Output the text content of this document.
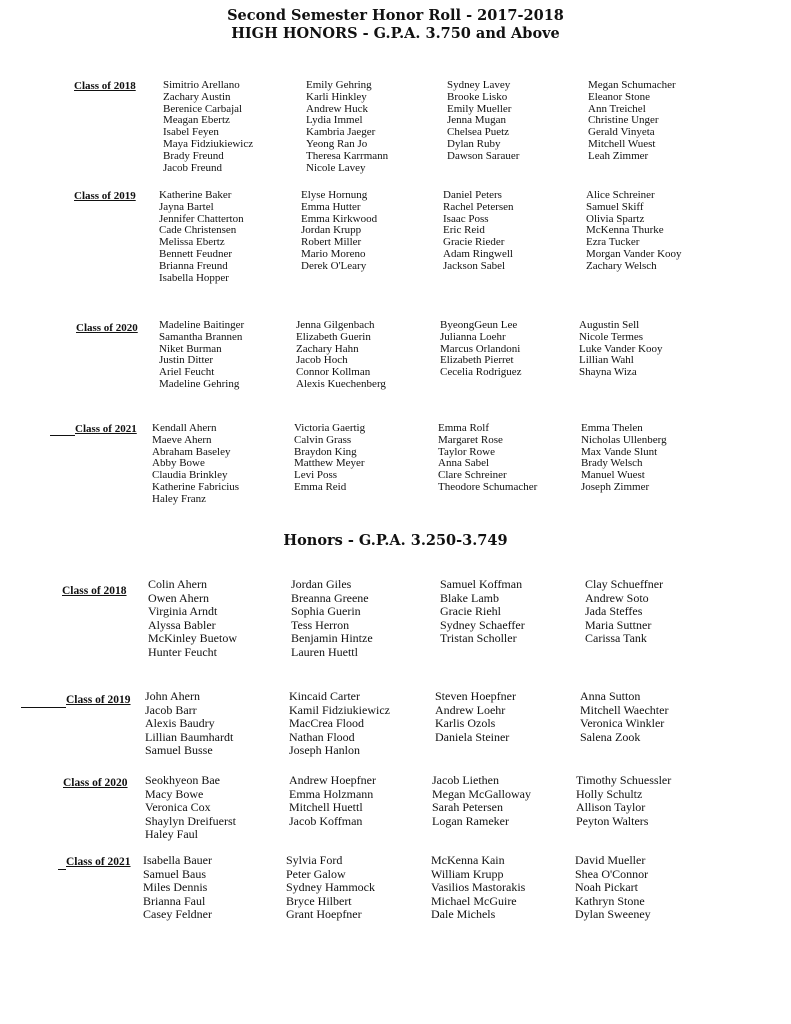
Second Semester Honor Roll - 2017-2018
HIGH HONORS - G.P.A. 3.750 and Above
Honors - G.P.A. 3.250-3.749
Class of 2018 Simitrio Arellano
Zachary Austin
Berenice Carbajal
Meagan Ebertz
Isabel Feyen
Maya Fidziukiewicz
Brady Freund
Jacob Freund
Emily Gehring
Karli Hinkley
Andrew Huck
Lydia Immel
Kambria Jaeger
Yeong Ran Jo
Theresa Karrmann
Nicole Lavey
Sydney Lavey
Brooke Lisko
Emily Mueller
Jenna Mugan
Chelsea Puetz
Dylan Ruby
Dawson Sarauer
Megan Schumacher
Eleanor Stone
Ann Treichel
Christine Unger
Gerald Vinyeta
Mitchell Wuest
Leah Zimmer
Class of 2019 Katherine Baker
Jayna Bartel
Jennifer Chatterton
Cade Christensen
Melissa Ebertz
Bennett Feudner
Brianna Freund
Isabella Hopper
Elyse Hornung
Emma Hutter
Emma Kirkwood
Jordan Krupp
Robert Miller
Mario Moreno
Derek O'Leary
Daniel Peters
Rachel Petersen
Isaac Poss
Eric Reid
Gracie Rieder
Adam Ringwell
Jackson Sabel
Alice Schreiner
Samuel Skiff
Olivia Spartz
McKenna Thurke
Ezra Tucker
Morgan Vander Kooy
Zachary Welsch
Class of 2020 Madeline Baitinger
Samantha Brannen
Niket Burman
Justin Ditter
Ariel Feucht
Madeline Gehring
Jenna Gilgenbach
Elizabeth Guerin
Zachary Hahn
Jacob Hoch
Connor Kollman
Alexis Kuechenberg
ByeongGeun Lee
Julianna Loehr
Marcus Orlandoni
Elizabeth Pierret
Cecelia Rodriguez
Augustin Sell
Nicole Termes
Luke Vander Kooy
Lillian Wahl
Shayna Wiza
Class of 2021 Kendall Ahern
Maeve Ahern
Abraham Baseley
Abby Bowe
Claudia Brinkley
Katherine Fabricius
Haley Franz
Victoria Gaertig
Calvin Grass
Braydon King
Matthew Meyer
Levi Poss
Emma Reid
Emma Rolf
Margaret Rose
Taylor Rowe
Anna Sabel
Clare Schreiner
Theodore Schumacher
Emma Thelen
Nicholas Ullenberg
Max Vande Slunt
Brady Welsch
Manuel Wuest
Joseph Zimmer
Class of 2018 Colin Ahern
Owen Ahern
Virginia Arndt
Alyssa Babler
McKinley Buetow
Hunter Feucht
Jordan Giles
Breanna Greene
Sophia Guerin
Tess Herron
Benjamin Hintze
Lauren Huettl
Samuel Koffman
Blake Lamb
Gracie Riehl
Sydney Schaeffer
Tristan Scholler
Clay Schueffner
Andrew Soto
Jada Steffes
Maria Suttner
Carissa Tank
Class of 2019 John Ahern
Jacob Barr
Alexis Baudry
Lillian Baumhardt
Samuel Busse
Kincaid Carter
Kamil Fidziukiewicz
MacCrea Flood
Nathan Flood
Joseph Hanlon
Steven Hoepfner
Andrew Loehr
Karlis Ozols
Daniela Steiner
Anna Sutton
Mitchell Waechter
Veronica Winkler
Salena Zook
Class of 2020 Seokhyeon Bae
Macy Bowe
Veronica Cox
Shaylyn Dreifuerst
Haley Faul
Andrew Hoepfner
Emma Holzmann
Mitchell Huettl
Jacob Koffman
Jacob Liethen
Megan McGalloway
Sarah Petersen
Logan Rameker
Timothy Schuessler
Holly Schultz
Allison Taylor
Peyton Walters
Class of 2021 Isabella Bauer
Samuel Baus
Miles Dennis
Brianna Faul
Casey Feldner
Sylvia Ford
Peter Galow
Sydney Hammock
Bryce Hilbert
Grant Hoepfner
McKenna Kain
William Krupp
Vasilios Mastorakis
Michael McGuire
Dale Michels
David Mueller
Shea O'Connor
Noah Pickart
Kathryn Stone
Dylan Sweeney
